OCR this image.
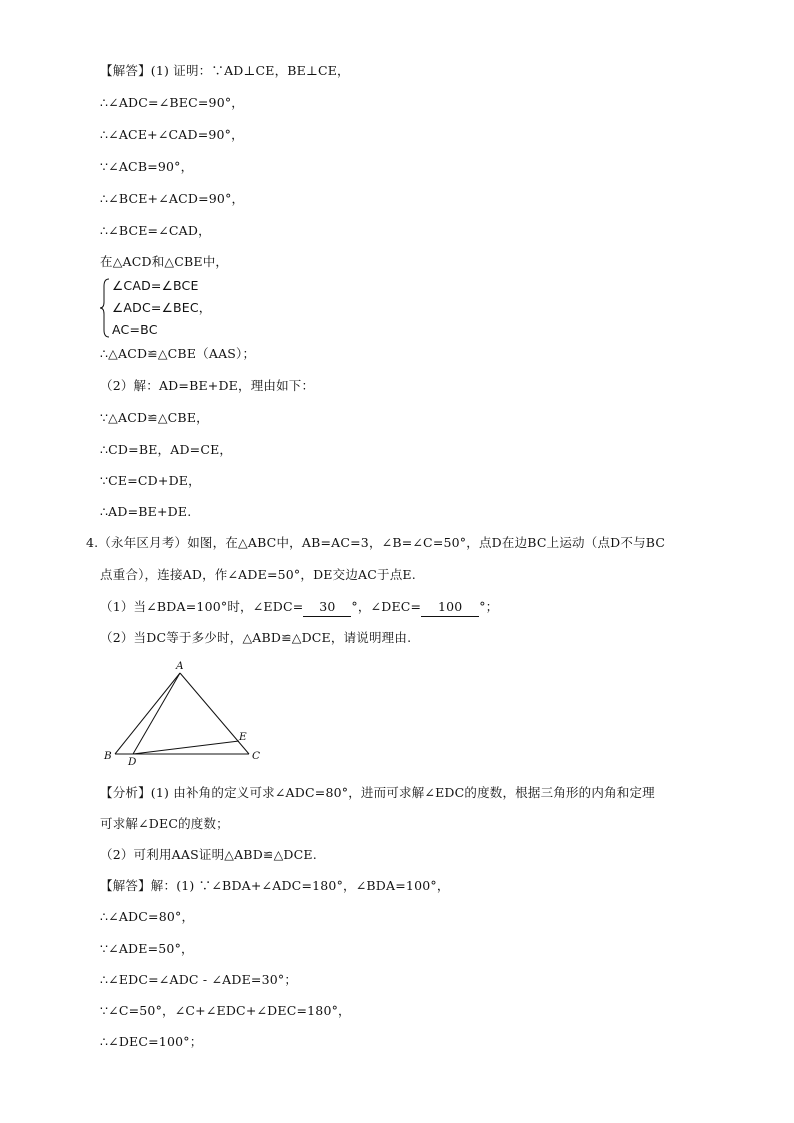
【解答】(1) 证明：∵AD⊥CE，BE⊥CE，
∴∠ADC=∠BEC=90°，
∴∠ACE+∠CAD=90°，
∵∠ACB=90°，
∴∠BCE+∠ACD=90°，
∴∠BCE=∠CAD，
在△ACD和△CBE中，
∠CAD=∠BCE
∠ADC=∠BEC，
AC=BC
∴△ACD≌△CBE（AAS）；
（2）解：AD=BE+DE，理由如下：
∵△ACD≌△CBE，
∴CD=BE，AD=CE，
∵CE=CD+DE，
∴AD=BE+DE.
4.（永年区月考）如图，在△ABC中，AB=AC=3，∠B=∠C=50°，点D在边BC上运动（点D不与BC
点重合），连接AD，作∠ADE=50°，DE交边AC于点E.
（1）当∠BDA=100°时，∠EDC= 30 °，∠DEC= 100 °；
（2）当DC等于多少时，△ABD≌△DCE，请说明理由.
A
B	C
D
E
【分析】(1) 由补角的定义可求∠ADC=80°，进而可求解∠EDC的度数，根据三角形的内角和定理
可求解∠DEC的度数；
（2）可利用AAS证明△ABD≌△DCE.
【解答】解：(1) ∵∠BDA+∠ADC=180°，∠BDA=100°，
∴∠ADC=80°，
∵∠ADE=50°，
∴∠EDC=∠ADC - ∠ADE=30°；
∵∠C=50°，∠C+∠EDC+∠DEC=180°，
∴∠DEC=100°；
